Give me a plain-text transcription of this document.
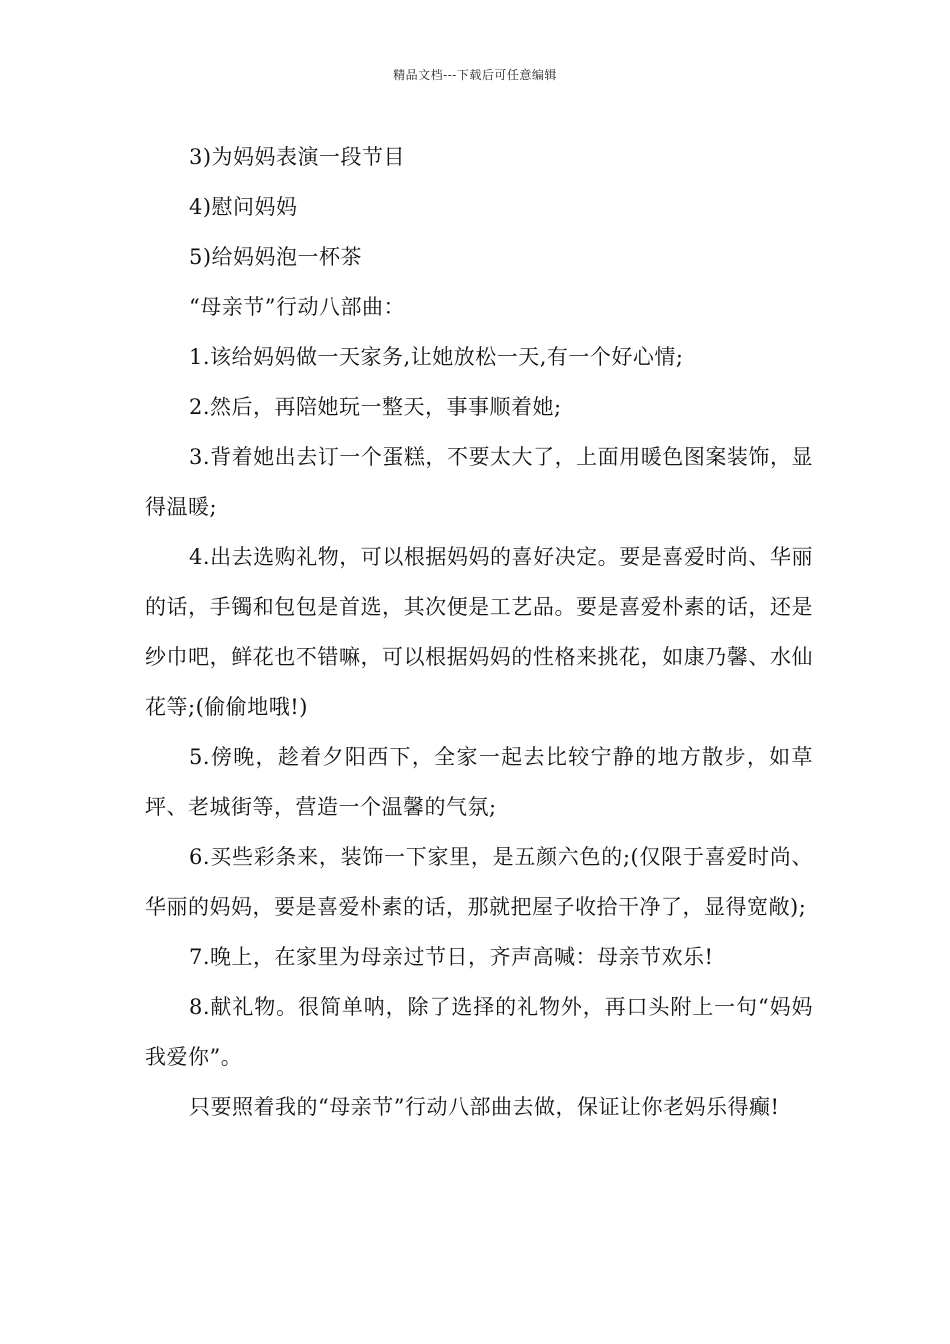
精品文档---下载后可任意编辑

3)为妈妈表演一段节目

4)慰问妈妈

5)给妈妈泡一杯茶

“母亲节”行动八部曲：

1.该给妈妈做一天家务,让她放松一天,有一个好心情;

2.然后，再陪她玩一整天，事事顺着她;

3.背着她出去订一个蛋糕，不要太大了，上面用暖色图案装饰，显得温暖;

4.出去选购礼物，可以根据妈妈的喜好决定。要是喜爱时尚、华丽的话，手镯和包包是首选，其次便是工艺品。要是喜爱朴素的话，还是纱巾吧，鲜花也不错嘛，可以根据妈妈的性格来挑花，如康乃馨、水仙花等;(偷偷地哦!)

5.傍晚，趁着夕阳西下，全家一起去比较宁静的地方散步，如草坪、老城街等，营造一个温馨的气氛;

6.买些彩条来，装饰一下家里，是五颜六色的;(仅限于喜爱时尚、华丽的妈妈，要是喜爱朴素的话，那就把屋子收拾干净了，显得宽敞);

7.晚上，在家里为母亲过节日，齐声高喊：母亲节欢乐!

8.献礼物。很简单呐，除了选择的礼物外，再口头附上一句“妈妈我爱你”。

只要照着我的“母亲节”行动八部曲去做，保证让你老妈乐得癫!
